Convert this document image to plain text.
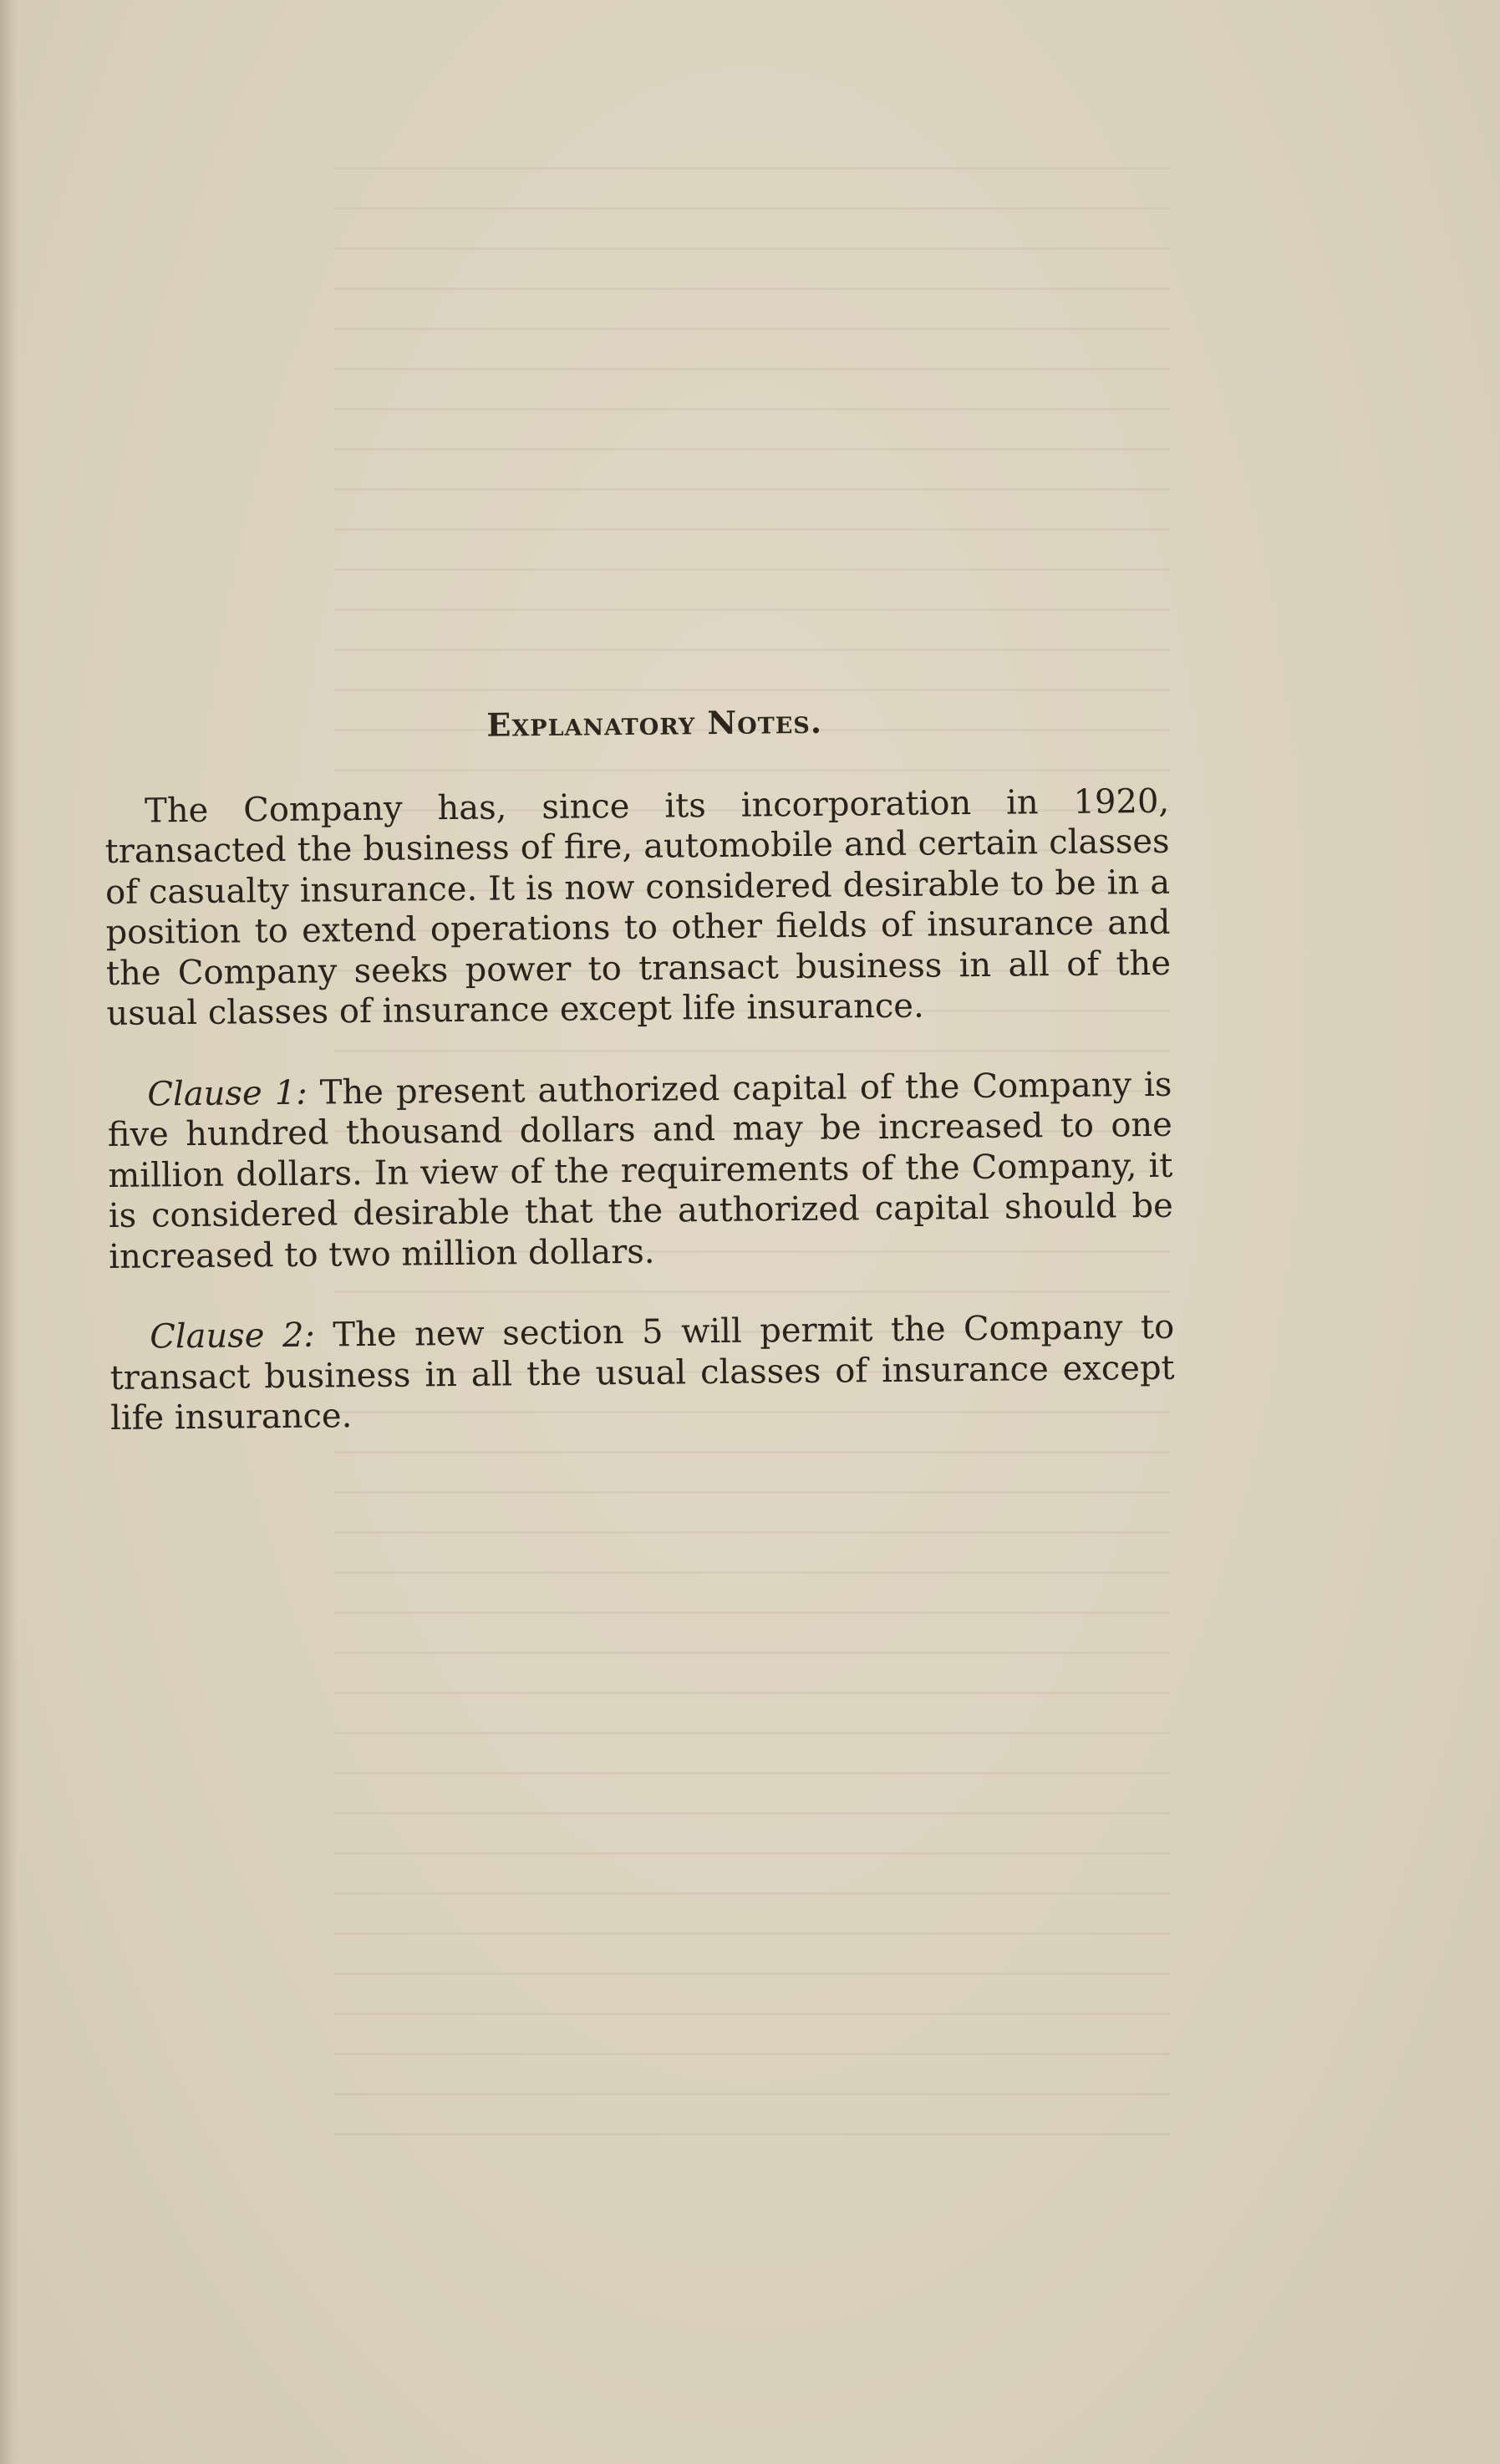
Explanatory Notes.

The Company has, since its incorporation in 1920, transacted the business of fire, automobile and certain classes of casualty insurance. It is now considered desirable to be in a position to extend operations to other fields of insurance and the Company seeks power to transact business in all of the usual classes of insurance except life insurance.

Clause 1: The present authorized capital of the Company is five hundred thousand dollars and may be increased to one million dollars. In view of the requirements of the Company, it is considered desirable that the authorized capital should be increased to two million dollars.

Clause 2: The new section 5 will permit the Company to transact business in all the usual classes of insurance except life insurance.
